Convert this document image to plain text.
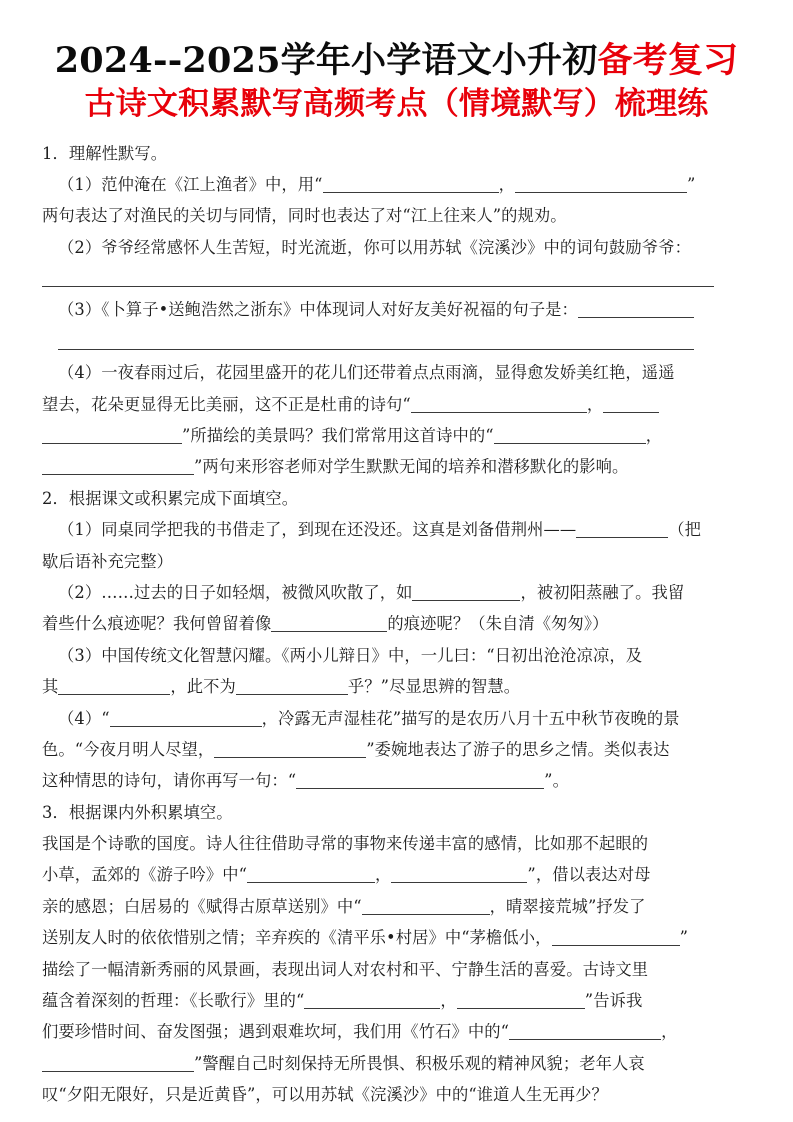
2024--2025学年小学语文小升初备考复习
古诗文积累默写高频考点（情境默写）梳理练
1．理解性默写。
（1）范仲淹在《江上渔者》中，用“	，	”
两句表达了对渔民的关切与同情，同时也表达了对“江上往来人”的规劝。
（2）爷爷经常感怀人生苦短，时光流逝，你可以用苏轼《浣溪沙》中的词句鼓励爷爷：
（3）《卜算子•送鲍浩然之浙东》中体现词人对好友美好祝福的句子是：
（4）一夜春雨过后，花园里盛开的花儿们还带着点点雨滴，显得愈发娇美红艳，遥遥
望去，花朵更显得无比美丽，这不正是杜甫的诗句“	，
”所描绘的美景吗？我们常常用这首诗中的“	，
”两句来形容老师对学生默默无闻的培养和潜移默化的影响。
2．根据课文或积累完成下面填空。
（1）同桌同学把我的书借走了，到现在还没还。这真是刘备借荆州——	（把
歇后语补充完整）
（2）……过去的日子如轻烟，被微风吹散了，如	，被初阳蒸融了。我留
着些什么痕迹呢？我何曾留着像	的痕迹呢？（朱自清《匆匆》）
（3）中国传统文化智慧闪耀。《两小儿辩日》中，一儿曰：“日初出沧沧凉凉，及
其	，此不为	乎？”尽显思辨的智慧。
（4）“	，冷露无声湿桂花”描写的是农历八月十五中秋节夜晚的景
色。“今夜月明人尽望，	”委婉地表达了游子的思乡之情。类似表达
这种情思的诗句，请你再写一句：“	”。
3．根据课内外积累填空。
我国是个诗歌的国度。诗人往往借助寻常的事物来传递丰富的感情，比如那不起眼的
小草，孟郊的《游子吟》中“	，	”，借以表达对母
亲的感恩；白居易的《赋得古原草送别》中“	，晴翠接荒城”抒发了
送别友人时的依依惜别之情；辛弃疾的《清平乐•村居》中“茅檐低小，	”
描绘了一幅清新秀丽的风景画，表现出词人对农村和平、宁静生活的喜爱。古诗文里
蕴含着深刻的哲理：《长歌行》里的“	，	”告诉我
们要珍惜时间、奋发图强；遇到艰难坎坷，我们用《竹石》中的“	，
”警醒自己时刻保持无所畏惧、积极乐观的精神风貌；老年人哀
叹“夕阳无限好，只是近黄昏”，可以用苏轼《浣溪沙》中的“谁道人生无再少？
